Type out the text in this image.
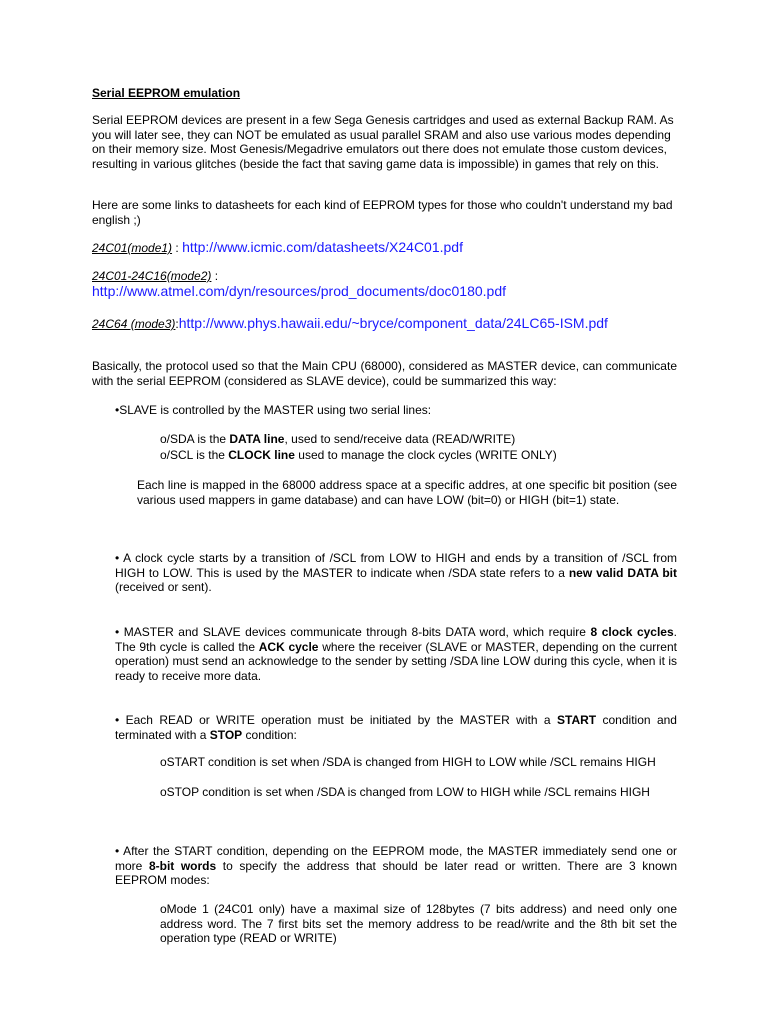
Serial EEPROM emulation

Serial EEPROM devices are present in a few Sega Genesis cartridges and used as external Backup RAM. As you will later see, they can NOT be emulated as usual parallel SRAM and also use various modes depending on their memory size. Most Genesis/Megadrive emulators out there does not emulate those custom devices, resulting in various glitches (beside the fact that saving game data is impossible) in games that rely on this.

Here are some links to datasheets for each kind of EEPROM types for those who couldn't understand my bad english ;)

24C01(mode1) : http://www.icmic.com/datasheets/X24C01.pdf

24C01-24C16(mode2) :

http://www.atmel.com/dyn/resources/prod_documents/doc0180.pdf

24C64 (mode3):http://www.phys.hawaii.edu/~bryce/component_data/24LC65-ISM.pdf

Basically, the protocol used so that the Main CPU (68000), considered as MASTER device, can communicate with the serial EEPROM (considered as SLAVE device), could be summarized this way:

• SLAVE is controlled by the MASTER using two serial lines:

o/SDA is the DATA line, used to send/receive data (READ/WRITE)

o/SCL is the CLOCK line used to manage the clock cycles (WRITE ONLY)

Each line is mapped in the 68000 address space at a specific addres, at one specific bit position (see various used mappers in game database) and can have LOW (bit=0) or HIGH (bit=1) state.

• A clock cycle starts by a transition of /SCL from LOW to HIGH and ends by a transition of /SCL from HIGH to LOW. This is used by the MASTER to indicate when /SDA state refers to a new valid DATA bit (received or sent).

• MASTER and SLAVE devices communicate through 8-bits DATA word, which require 8 clock cycles. The 9th cycle is called the ACK cycle where the receiver (SLAVE or MASTER, depending on the current operation) must send an acknowledge to the sender by setting /SDA line LOW during this cycle, when it is ready to receive more data.

• Each READ or WRITE operation must be initiated by the MASTER with a START condition and terminated with a STOP condition:

oSTART condition is set when /SDA is changed from HIGH to LOW while /SCL remains HIGH

oSTOP condition is set when /SDA is changed from LOW to HIGH while /SCL remains HIGH

• After the START condition, depending on the EEPROM mode, the MASTER immediately send one or more 8-bit words to specify the address that should be later read or written. There are 3 known EEPROM modes:

oMode 1 (24C01 only) have a maximal size of 128bytes (7 bits address) and need only one address word. The 7 first bits set the memory address to be read/write and the 8th bit set the operation type (READ or WRITE)
